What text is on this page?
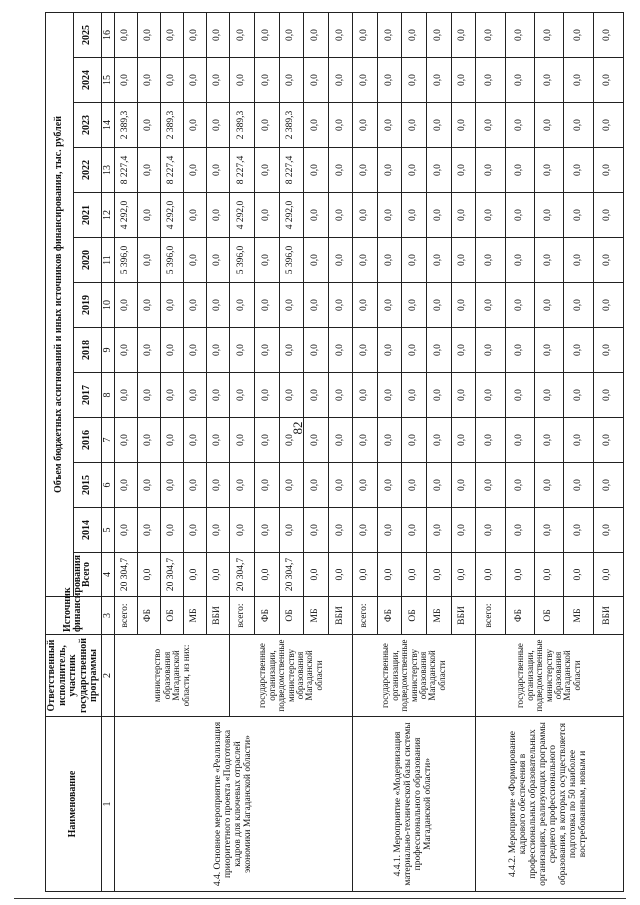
82
Наименование	Ответственный исполнитель, участник государственной программы	Источник финансирования	Объем бюджетных ассигнований и иных источников финансирования, тыс. рублей												
			Всего	2014	2015	2016	2017	2018	2019	2020	2021	2022	2023	2024	2025
1	2	3	4	5	6	7	8	9	10	11	12	13	14	15	16
4.4. Основное мероприятие «Реализация приоритетного проекта «Подготовка кадров для ключевых отраслей экономики Магаданской области»	министерство образования Магаданской области, из них:	всего:	20 304,7	0,0	0,0	0,0	0,0	0,0	0,0	5 396,0	4 292,0	8 227,4	2 389,3	0,0	0,0
		ФБ	0,0	0,0	0,0	0,0	0,0	0,0	0,0	0,0	0,0	0,0	0,0	0,0	0,0
		ОБ	20 304,7	0,0	0,0	0,0	0,0	0,0	0,0	5 396,0	4 292,0	8 227,4	2 389,3	0,0	0,0
		МБ	0,0	0,0	0,0	0,0	0,0	0,0	0,0	0,0	0,0	0,0	0,0	0,0	0,0
		ВБИ	0,0	0,0	0,0	0,0	0,0	0,0	0,0	0,0	0,0	0,0	0,0	0,0	0,0
	государственные организации, подведомственные министерству образования Магаданской области	всего:	20 304,7	0,0	0,0	0,0	0,0	0,0	0,0	5 396,0	4 292,0	8 227,4	2 389,3	0,0	0,0
		ФБ	0,0	0,0	0,0	0,0	0,0	0,0	0,0	0,0	0,0	0,0	0,0	0,0	0,0
		ОБ	20 304,7	0,0	0,0	0,0	0,0	0,0	0,0	5 396,0	4 292,0	8 227,4	2 389,3	0,0	0,0
		МБ	0,0	0,0	0,0	0,0	0,0	0,0	0,0	0,0	0,0	0,0	0,0	0,0	0,0
		ВБИ	0,0	0,0	0,0	0,0	0,0	0,0	0,0	0,0	0,0	0,0	0,0	0,0	0,0
4.4.1. Мероприятие «Модернизация материально-технической базы системы профессионального образования Магаданской области»	государственные организации, подведомственные министерству образования Магаданской области	всего:	0,0	0,0	0,0	0,0	0,0	0,0	0,0	0,0	0,0	0,0	0,0	0,0	0,0
		ФБ	0,0	0,0	0,0	0,0	0,0	0,0	0,0	0,0	0,0	0,0	0,0	0,0	0,0
		ОБ	0,0	0,0	0,0	0,0	0,0	0,0	0,0	0,0	0,0	0,0	0,0	0,0	0,0
		МБ	0,0	0,0	0,0	0,0	0,0	0,0	0,0	0,0	0,0	0,0	0,0	0,0	0,0
		ВБИ	0,0	0,0	0,0	0,0	0,0	0,0	0,0	0,0	0,0	0,0	0,0	0,0	0,0
4.4.2. Мероприятие «Формирование кадрового обеспечения в профессиональных образовательных организациях, реализующих программы среднего профессионального образования, в которых осуществляется подготовка по 50 наиболее востребованным, новым и	государственные организации, подведомственные министерству образования Магаданской области	всего:	0,0	0,0	0,0	0,0	0,0	0,0	0,0	0,0	0,0	0,0	0,0	0,0	0,0
		ФБ	0,0	0,0	0,0	0,0	0,0	0,0	0,0	0,0	0,0	0,0	0,0	0,0	0,0
		ОБ	0,0	0,0	0,0	0,0	0,0	0,0	0,0	0,0	0,0	0,0	0,0	0,0	0,0
		МБ	0,0	0,0	0,0	0,0	0,0	0,0	0,0	0,0	0,0	0,0	0,0	0,0	0,0
		ВБИ	0,0	0,0	0,0	0,0	0,0	0,0	0,0	0,0	0,0	0,0	0,0	0,0	0,0
